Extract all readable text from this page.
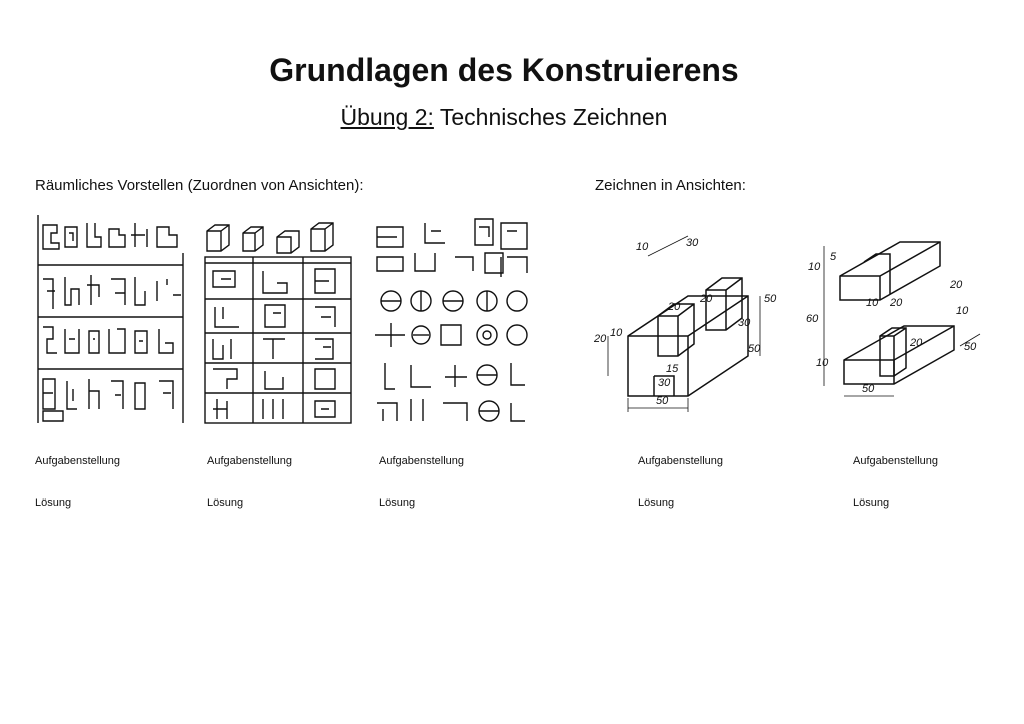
Grundlagen des Konstruierens
Übung 2: Technisches Zeichnen
Räumliches Vorstellen (Zuordnen von Ansichten):	Zeichnen in Ansichten:
10	30
20
20
20 10
50
30
15
30
50
50
10
5
20
60
10 20
10
10
20
50
50
Aufgabenstellung	Aufgabenstellung	Aufgabenstellung	Aufgabenstellung	Aufgabenstellung
Lösung	Lösung	Lösung	Lösung	Lösung
